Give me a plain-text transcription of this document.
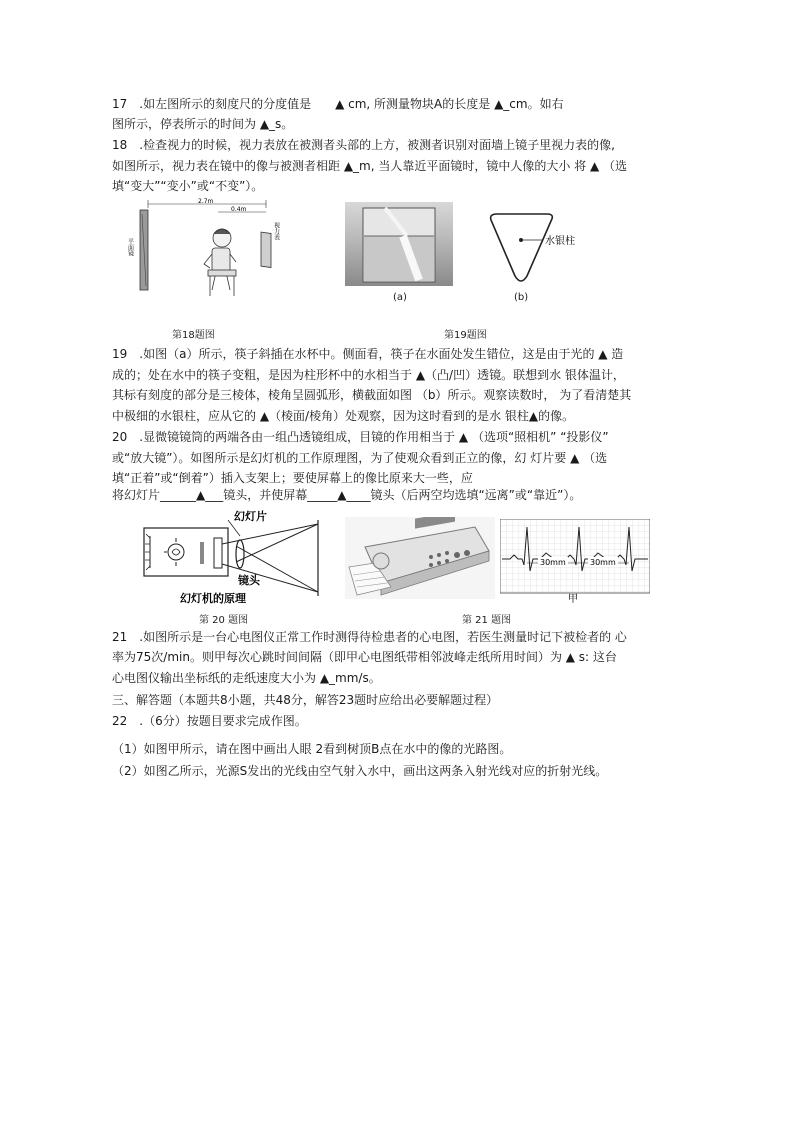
17　.如左图所示的刻度尺的分度值是　　▲ cm, 所测量物块A的长度是 ▲_cm。如右
图所示，停表所示的时间为 ▲_s。
18　.检查视力的时候，视力表放在被测者头部的上方，被测者识别对面墙上镜子里视力表的像,
如图所示，视力表在镜中的像与被测者相距 ▲_m, 当人靠近平面镜时，镜中人像的大小 将 ▲ （选
填“变大”“变小”或“不变”）。
平面镜
2.7m
0.4m
视力表
(a)
水银柱
(b)
第18题图	第19题图
19　.如图（a）所示，筷子斜插在水杯中。侧面看，筷子在水面处发生错位，这是由于光的 ▲ 造
成的；处在水中的筷子变粗，是因为柱形杯中的水相当于 ▲（凸/凹）透镜。联想到水 银体温计，
其标有刻度的部分是三棱体，棱角呈圆弧形，横截面如图 （b）所示。观察读数时， 为了看清楚其
中极细的水银柱，应从它的 ▲（棱面/棱角）处观察，因为这时看到的是水 银柱▲的像。
20　.显微镜镜筒的两端各由一组凸透镜组成，目镜的作用相当于 ▲ （选项“照相机” “投影仪”
或“放大镜”）。如图所示是幻灯机的工作原理图，为了使观众看到正立的像，幻 灯片要 ▲ （选
填“正着”或“倒着”）插入支架上；要使屏幕上的像比原来大一些，应
将幻灯片______▲___镜头，并使屏幕_____▲____镜头（后两空均选填“远离”或“靠近”）。
幻灯片
镜头
幻灯机的原理
第 20 题图
30mm	30mm
甲
第 21 题图
21　.如图所示是一台心电图仪正常工作时测得待检患者的心电图，若医生测量时记下被检者的 心
率为75次/min。则甲每次心跳时间间隔（即甲心电图纸带相邻波峰走纸所用时间）为 ▲ s: 这台
心电图仪输出坐标纸的走纸速度大小为 ▲_mm/s。
三、解答题（本题共8小题，共48分，解答23题时应给出必要解题过程）
22　.（6分）按题目要求完成作图。
（1）如图甲所示，请在图中画出人眼 2看到树顶B点在水中的像的光路图。
（2）如图乙所示，光源S发出的光线由空气射入水中，画出这两条入射光线对应的折射光线。
